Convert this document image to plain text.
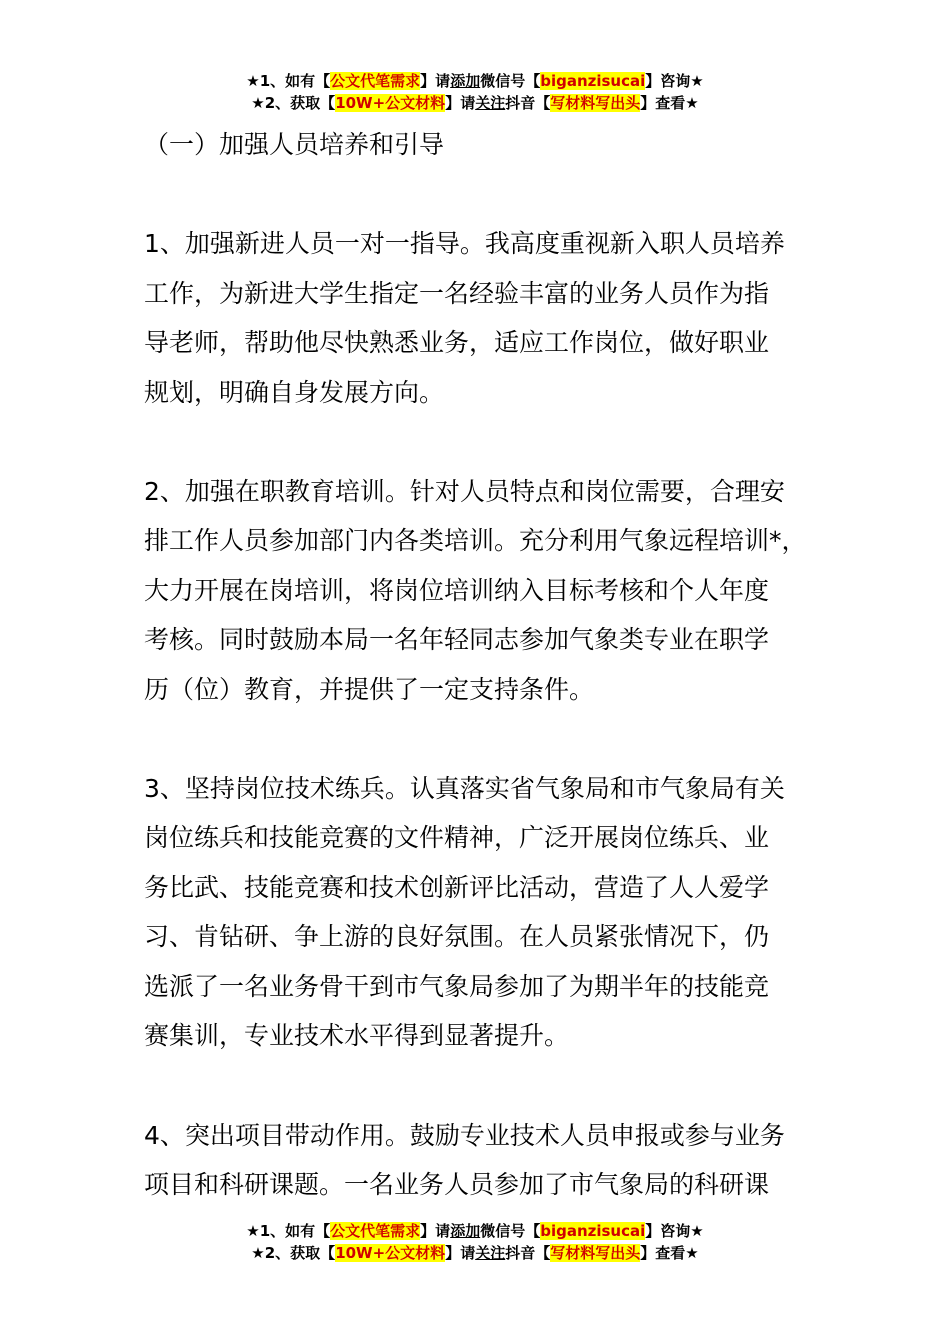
★1、如有【公文代笔需求】请添加微信号【biganzisucai】咨询★
★2、获取【10W+公文材料】请关注抖音【写材料写出头】查看★
（一）加强人员培养和引导

1、加强新进人员一对一指导。我高度重视新入职人员培养
工作，为新进大学生指定一名经验丰富的业务人员作为指
导老师，帮助他尽快熟悉业务，适应工作岗位，做好职业
规划，明确自身发展方向。

2、加强在职教育培训。针对人员特点和岗位需要，合理安
排工作人员参加部门内各类培训。充分利用气象远程培训*，
大力开展在岗培训，将岗位培训纳入目标考核和个人年度
考核。同时鼓励本局一名年轻同志参加气象类专业在职学
历（位）教育，并提供了一定支持条件。

3、坚持岗位技术练兵。认真落实省气象局和市气象局有关
岗位练兵和技能竞赛的文件精神，广泛开展岗位练兵、业
务比武、技能竞赛和技术创新评比活动，营造了人人爱学
习、肯钻研、争上游的良好氛围。在人员紧张情况下，仍
选派了一名业务骨干到市气象局参加了为期半年的技能竞
赛集训，专业技术水平得到显著提升。

4、突出项目带动作用。鼓励专业技术人员申报或参与业务
项目和科研课题。一名业务人员参加了市气象局的科研课

★1、如有【公文代笔需求】请添加微信号【biganzisucai】咨询★
★2、获取【10W+公文材料】请关注抖音【写材料写出头】查看★
